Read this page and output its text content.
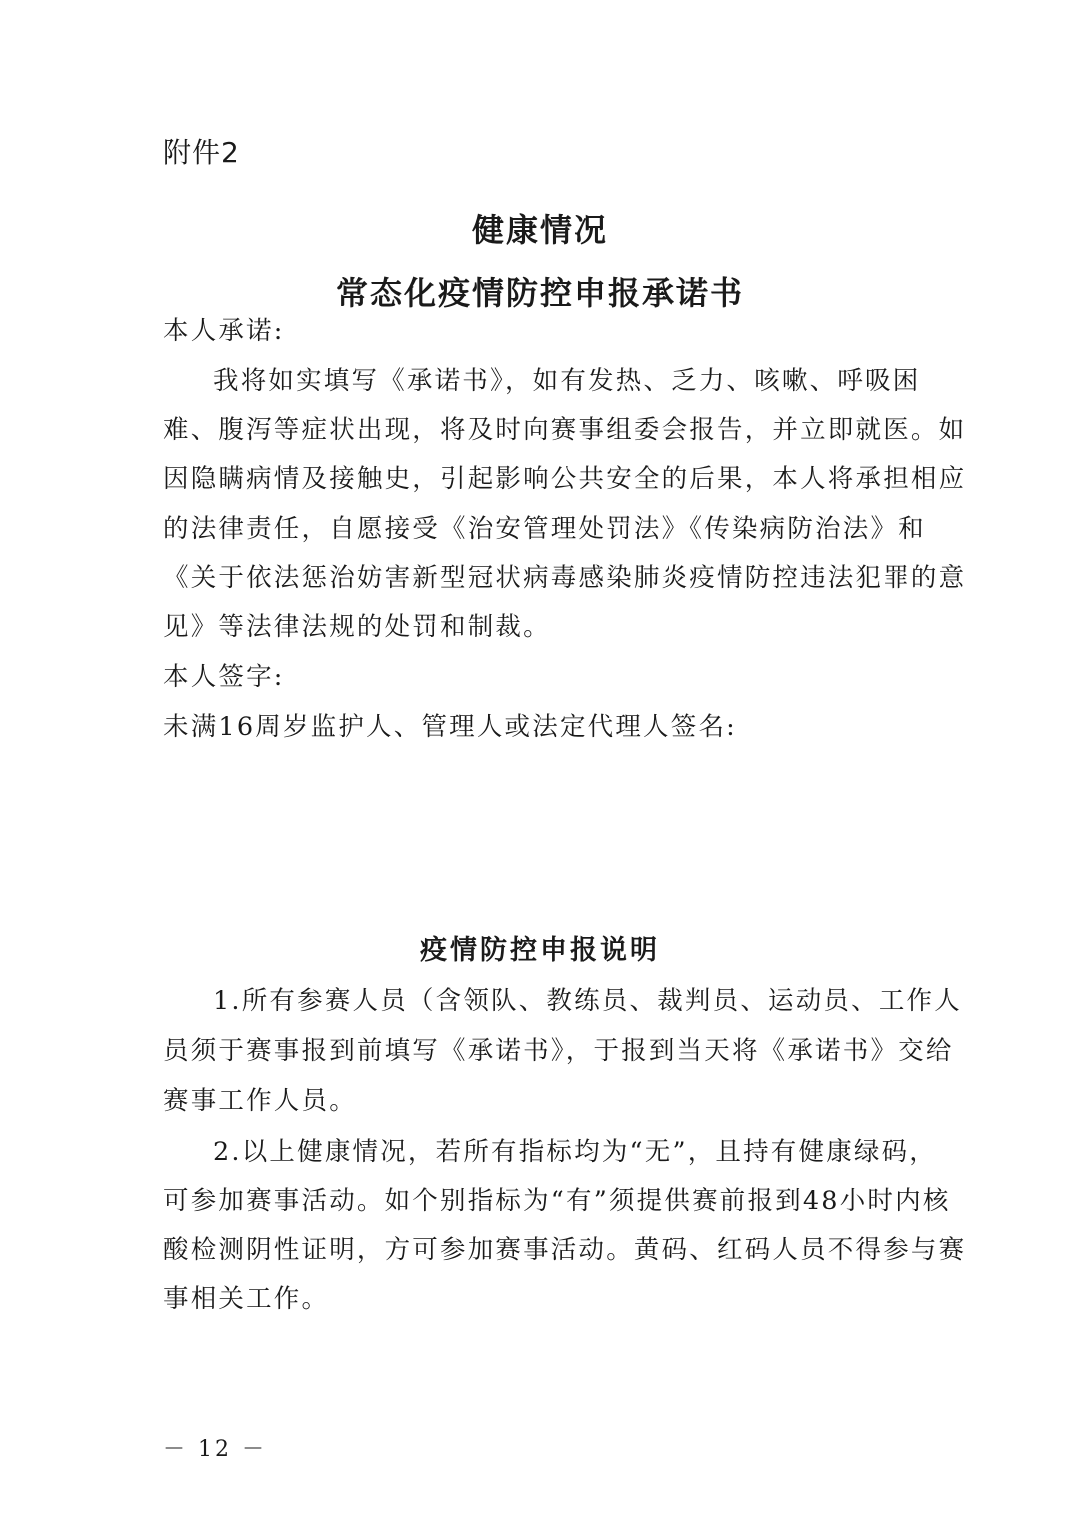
附件2
健康情况
常态化疫情防控申报承诺书
本人承诺:
我将如实填写《承诺书》，如有发热、乏力、咳嗽、呼吸困
难、腹泻等症状出现，将及时向赛事组委会报告，并立即就医。如
因隐瞒病情及接触史，引起影响公共安全的后果，本人将承担相应
的法律责任，自愿接受《治安管理处罚法》《传染病防治法》和
《关于依法惩治妨害新型冠状病毒感染肺炎疫情防控违法犯罪的意
见》等法律法规的处罚和制裁。
本人签字:
未满16周岁监护人、管理人或法定代理人签名:
疫情防控申报说明
1.所有参赛人员（含领队、教练员、裁判员、运动员、工作人
员须于赛事报到前填写《承诺书》，于报到当天将《承诺书》交给
赛事工作人员。
2.以上健康情况，若所有指标均为“无”，且持有健康绿码，
可参加赛事活动。如个别指标为“有”须提供赛前报到48小时内核
酸检测阴性证明，方可参加赛事活动。黄码、红码人员不得参与赛
事相关工作。
－ 12 －
